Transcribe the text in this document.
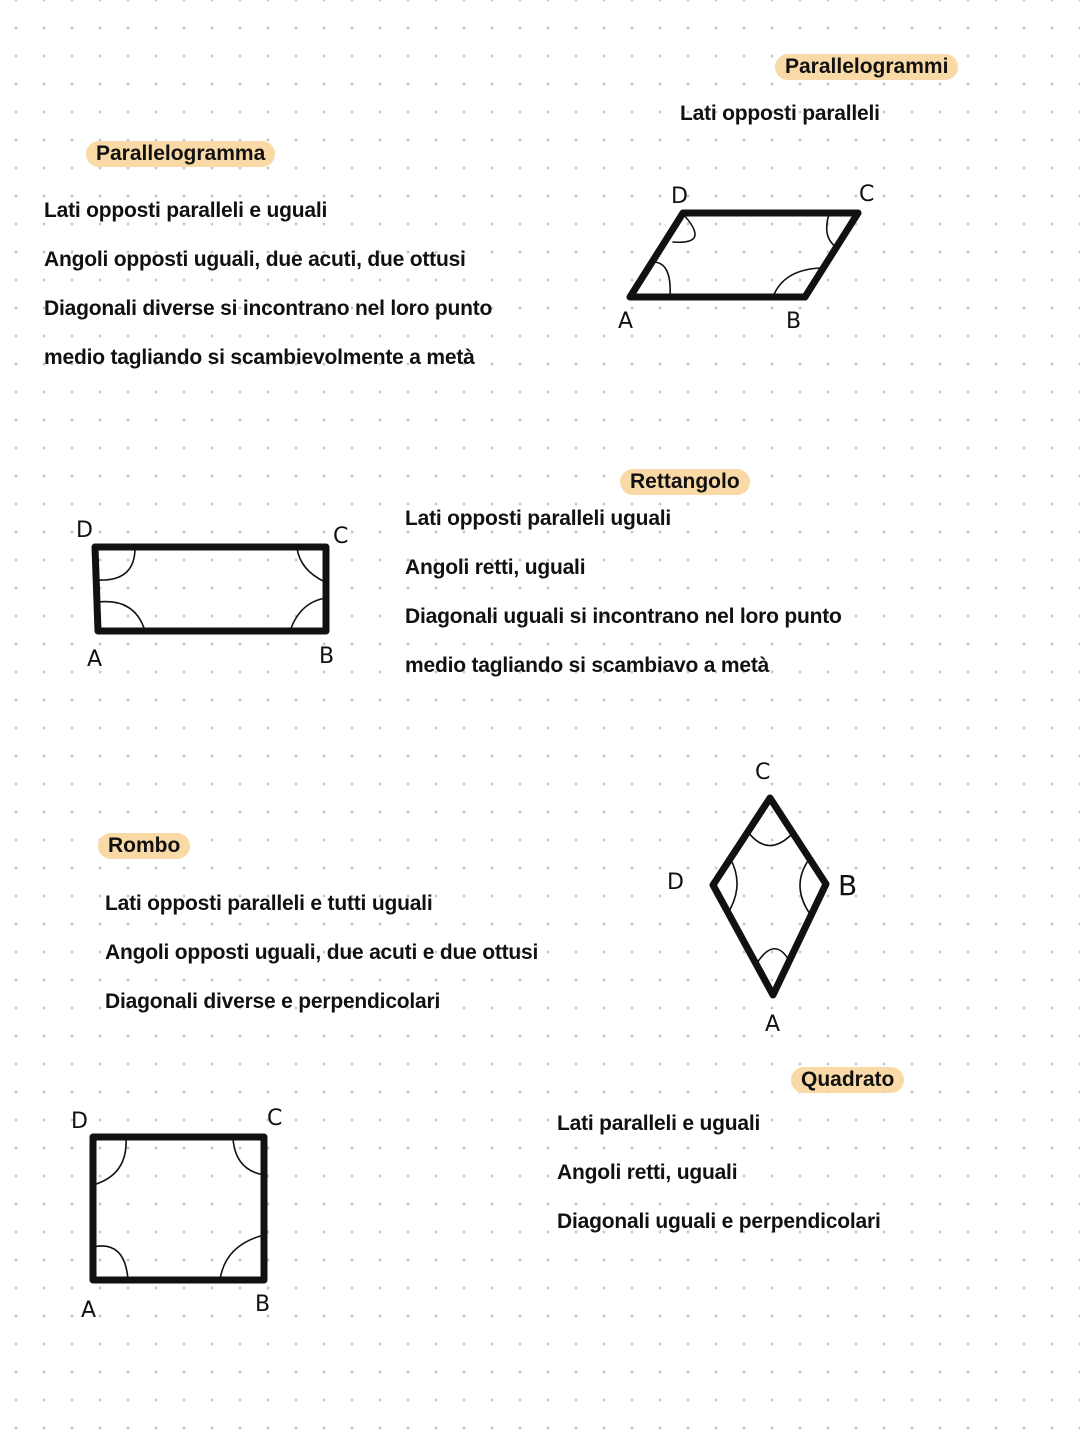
Parallelogrammi
Lati opposti paralleli
Parallelogramma
Lati opposti paralleli e uguali
Angoli opposti uguali, due acuti, due ottusi
Diagonali diverse si incontrano nel loro punto
medio tagliando si scambievolmente a metà
D	C
A	B
Rettangolo
Lati opposti paralleli uguali
Angoli retti, uguali
Diagonali uguali si incontrano nel loro punto
medio tagliando si scambiavo a metà
D	C
A	B
Rombo
Lati opposti paralleli e tutti uguali
Angoli opposti uguali, due acuti e due ottusi
Diagonali diverse e perpendicolari
C
B
A
D
Quadrato
Lati paralleli e uguali
Angoli retti, uguali
Diagonali uguali e perpendicolari
D	C
A	B
